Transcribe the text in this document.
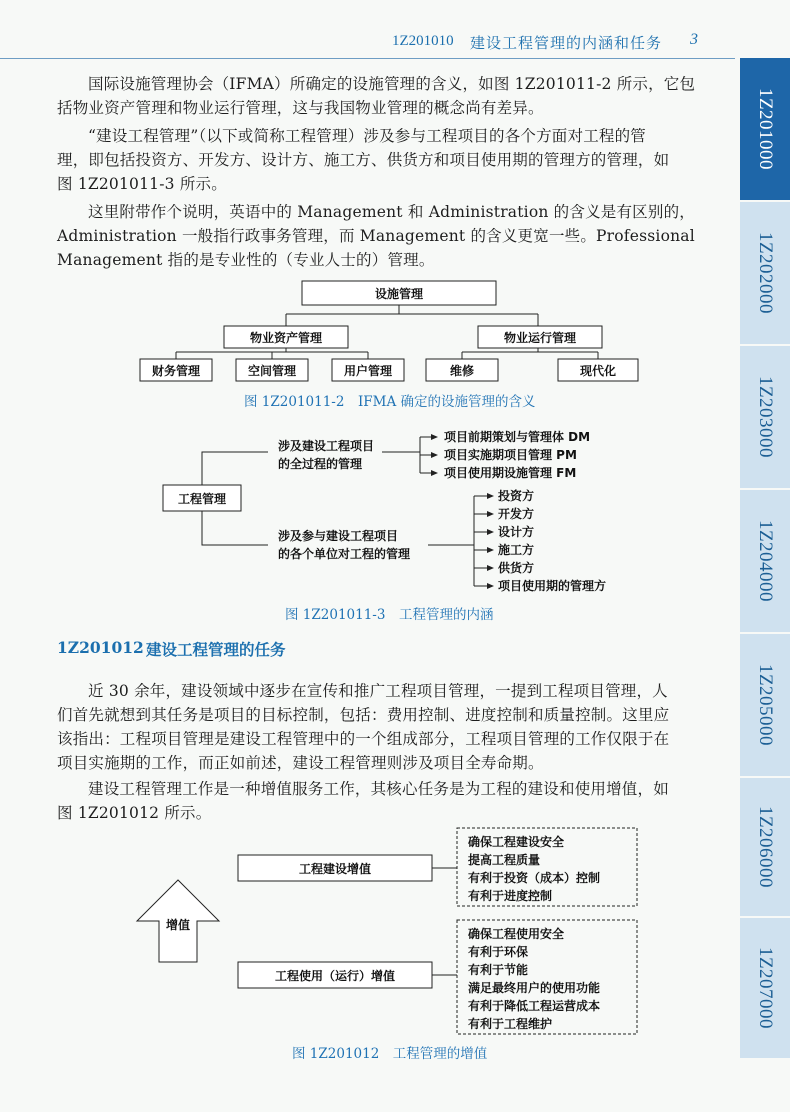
1Z201010 建设工程管理的内涵和任务 3
1Z201000
1Z202000
1Z203000
1Z204000
1Z205000
1Z206000
1Z207000
国际设施管理协会（IFMA）所确定的设施管理的含义，如图 1Z201011-2 所示，它包
括物业资产管理和物业运行管理，这与我国物业管理的概念尚有差异。
“建设工程管理”（以下或简称工程管理）涉及参与工程项目的各个方面对工程的管
理，即包括投资方、开发方、设计方、施工方、供货方和项目使用期的管理方的管理，如
图 1Z201011-3 所示。
这里附带作个说明，英语中的 Management 和 Administration 的含义是有区别的，
Administration 一般指行政事务管理，而 Management 的含义更宽一些。Professional
Management 指的是专业性的（专业人士的）管理。
设施管理
物业资产管理	物业运行管理
财务管理	空间管理	用户管理	维修	现代化
工程管理
涉及建设工程项目
的全过程的管理
项目前期策划与管理体 DM
项目实施期项目管理 PM
项目使用期设施管理 FM
涉及参与建设工程项目
的各个单位对工程的管理
投资方
开发方
设计方
施工方
供货方
项目使用期的管理方
增值
工程建设增值
工程使用（运行）增值
确保工程建设安全
提高工程质量
有利于投资（成本）控制
有利于进度控制
确保工程使用安全
有利于环保
有利于节能
满足最终用户的使用功能
有利于降低工程运营成本
有利于工程维护
图 1Z201011-2　IFMA 确定的设施管理的含义
图 1Z201011-3　工程管理的内涵
1Z201012 建设工程管理的任务
近 30 余年，建设领域中逐步在宣传和推广工程项目管理，一提到工程项目管理，人
们首先就想到其任务是项目的目标控制，包括：费用控制、进度控制和质量控制。这里应
该指出：工程项目管理是建设工程管理中的一个组成部分，工程项目管理的工作仅限于在
项目实施期的工作，而正如前述，建设工程管理则涉及项目全寿命期。
建设工程管理工作是一种增值服务工作，其核心任务是为工程的建设和使用增值，如
图 1Z201012 所示。
图 1Z201012　工程管理的增值
